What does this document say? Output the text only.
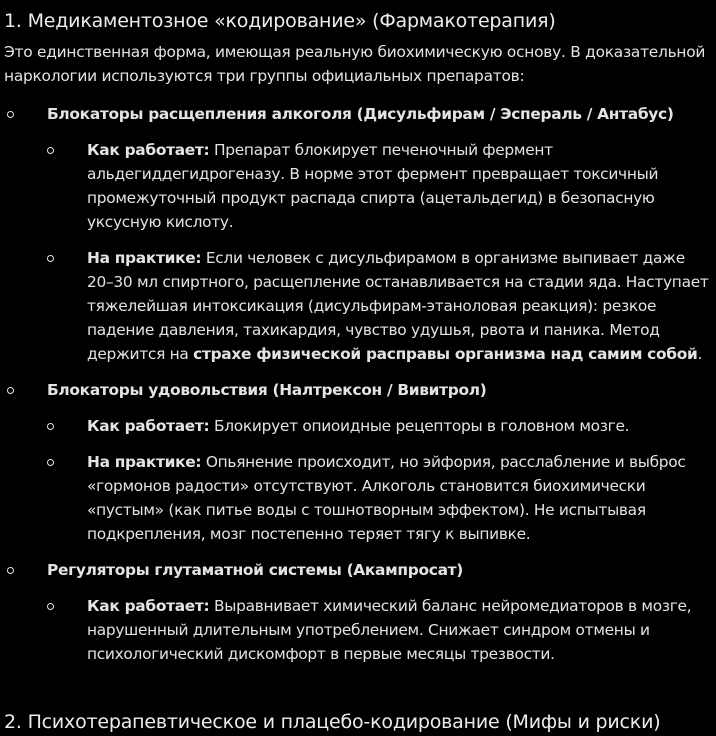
1. Медикаментозное «кодирование» (Фармакотерапия)

Это единственная форма, имеющая реальную биохимическую основу. В доказательной наркологии используются три группы официальных препаратов:

Блокаторы расщепления алкоголя (Дисульфирам / Эспераль / Антабус)
Как работает: Препарат блокирует печеночный фермент альдегиддегидрогеназу. В норме этот фермент превращает токсичный промежуточный продукт распада спирта (ацетальдегид) в безопасную уксусную кислоту.
На практике: Если человек с дисульфирамом в организме выпивает даже 20–30 мл спиртного, расщепление останавливается на стадии яда. Наступает тяжелейшая интоксикация (дисульфирам-этаноловая реакция): резкое падение давления, тахикардия, чувство удушья, рвота и паника. Метод держится на страхе физической расправы организма над самим собой.
Блокаторы удовольствия (Налтрексон / Вивитрол)
Как работает: Блокирует опиоидные рецепторы в головном мозге.
На практике: Опьянение происходит, но эйфория, расслабление и выброс «гормонов радости» отсутствуют. Алкоголь становится биохимически «пустым» (как питье воды с тошнотворным эффектом). Не испытывая подкрепления, мозг постепенно теряет тягу к выпивке.
Регуляторы глутаматной системы (Акампросат)
Как работает: Выравнивает химический баланс нейромедиаторов в мозге, нарушенный длительным употреблением. Снижает синдром отмены и психологический дискомфорт в первые месяцы трезвости.
2. Психотерапевтическое и плацебо-кодирование (Мифы и риски)
